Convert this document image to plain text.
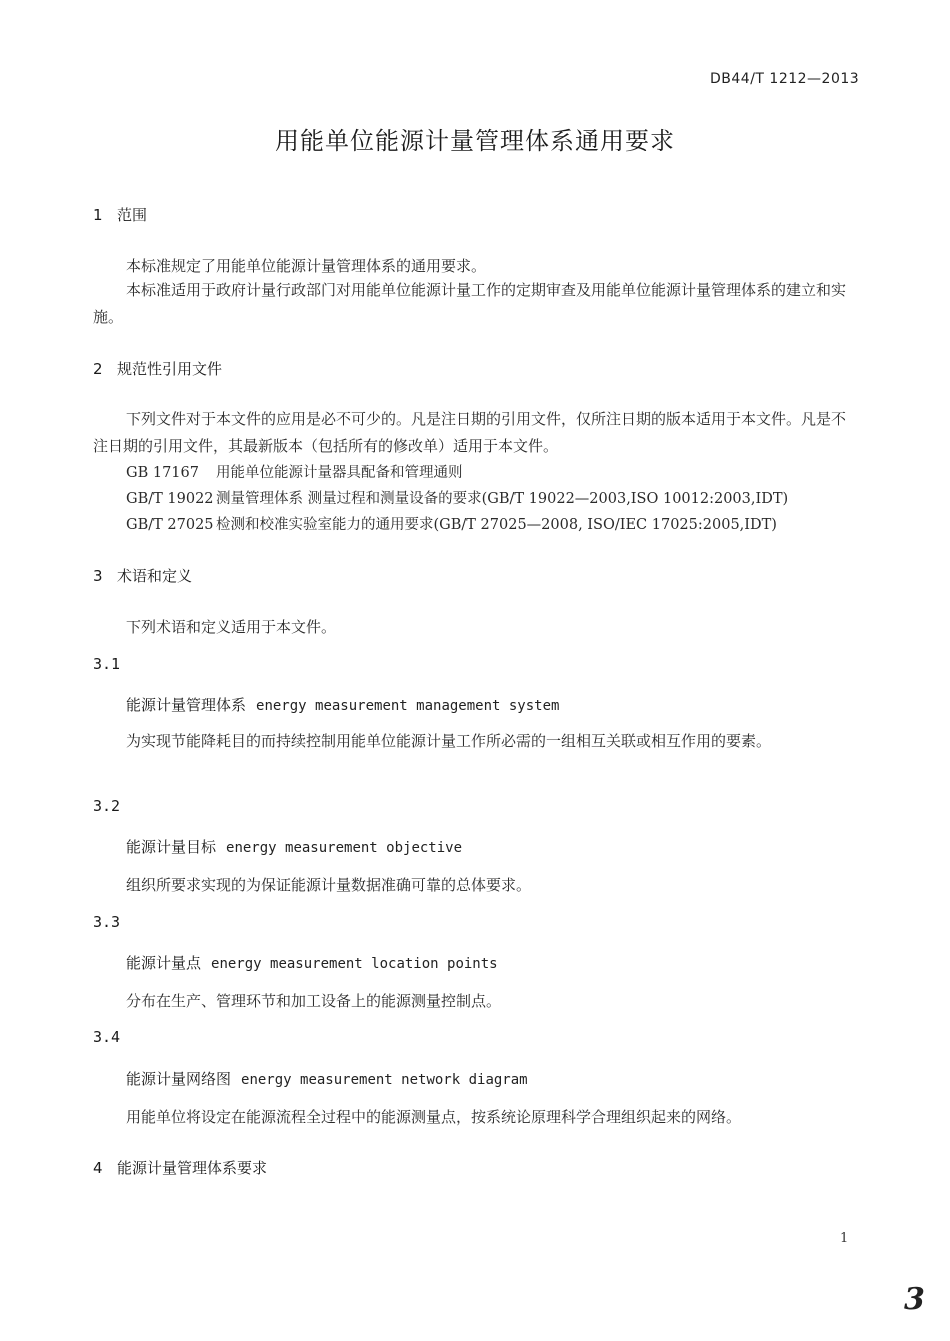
DB44/T 1212—2013
用能单位能源计量管理体系通用要求
1 范围
本标准规定了用能单位能源计量管理体系的通用要求。
本标准适用于政府计量行政部门对用能单位能源计量工作的定期审查及用能单位能源计量管理体系的建立和实施。
2 规范性引用文件
下列文件对于本文件的应用是必不可少的。凡是注日期的引用文件，仅所注日期的版本适用于本文件。凡是不注日期的引用文件，其最新版本（包括所有的修改单）适用于本文件。
GB 17167 用能单位能源计量器具配备和管理通则
GB/T 19022 测量管理体系 测量过程和测量设备的要求(GB/T 19022—2003,ISO 10012:2003,IDT)
GB/T 27025 检测和校准实验室能力的通用要求(GB/T 27025—2008, ISO/IEC 17025:2005,IDT)
3 术语和定义
下列术语和定义适用于本文件。
3.1
能源计量管理体系 energy measurement management system
为实现节能降耗目的而持续控制用能单位能源计量工作所必需的一组相互关联或相互作用的要素。
3.2
能源计量目标 energy measurement objective
组织所要求实现的为保证能源计量数据准确可靠的总体要求。
3.3
能源计量点 energy measurement location points
分布在生产、管理环节和加工设备上的能源测量控制点。
3.4
能源计量网络图 energy measurement network diagram
用能单位将设定在能源流程全过程中的能源测量点，按系统论原理科学合理组织起来的网络。
4 能源计量管理体系要求
1
3
